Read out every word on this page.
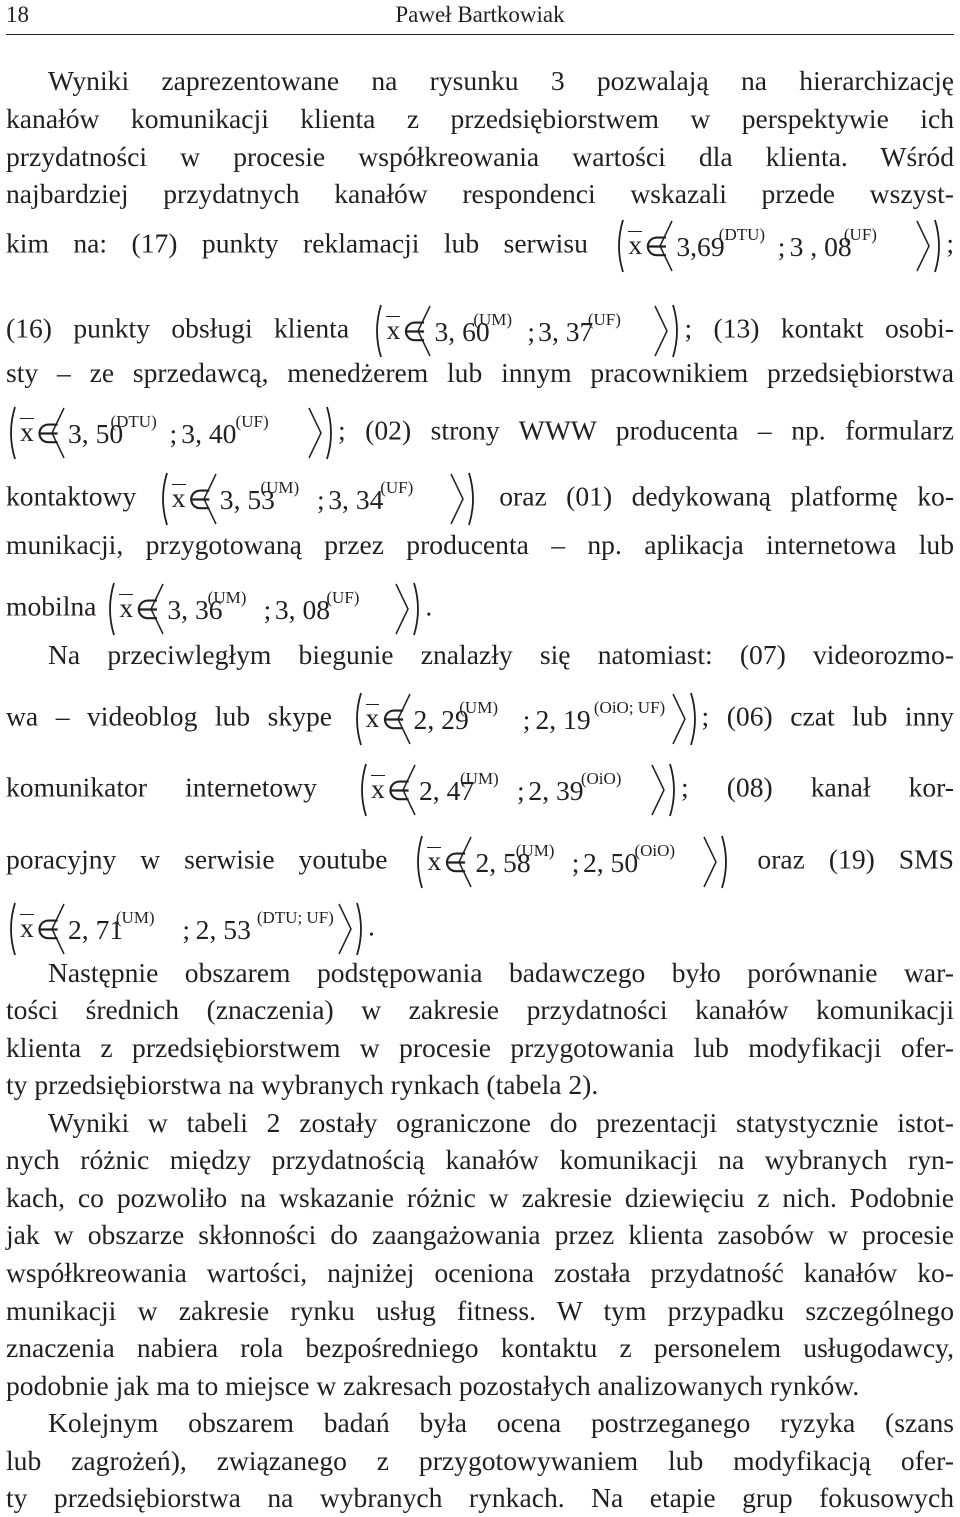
18	Paweł Bartkowiak
Wyniki zaprezentowane na rysunku 3 pozwalają na hierarchizację
kanałów komunikacji klienta z przedsiębiorstwem w perspektywie ich
przydatności w procesie współkreowania wartości dla klienta. Wśród
najbardziej przydatnych kanałów respondenci wskazali przede wszyst-
kim na: (17) punkty reklamacji lub serwisu x ∈ 3,69
(DTU) ; 3 , 08
(UF)	;
(16) punkty obsługi klienta x ∈ 3, 60
(UM) ; 3, 37
(UF) ; (13) kontakt osobi-
sty – ze sprzedawcą, menedżerem lub innym pracownikiem przedsiębiorstwa
x ∈ 3, 50
(DTU) ; 3, 40 (UF)	; (02) strony WWW producenta – np. formularz
kontaktowy x ∈ 3, 53
(UM) ; 3, 34
(UF)	oraz (01) dedykowaną platformę ko-
munikacji, przygotowaną przez producenta – np. aplikacja internetowa lub
mobilna x ∈ 3, 36
(UM) ; 3, 08
(UF) .
Na przeciwległym biegunie znalazły się natomiast: (07) videorozmo-
wa – videoblog lub skype x ∈ 2, 29
(UM) ; 2, 19 (OiO; UF) ; (06) czat lub inny
komunikator internetowy x ∈ 2, 47
(UM) ; 2, 39
(OiO) ; (08) kanał kor-
poracyjny w serwisie youtube x ∈ 2, 58
(UM) ; 2, 50
(OiO)	oraz (19) SMS
x ∈ 2, 71
(UM) ; 2, 53 (DTU; UF) .
Następnie obszarem podstępowania badawczego było porównanie war-
tości średnich (znaczenia) w zakresie przydatności kanałów komunikacji
klienta z przedsiębiorstwem w procesie przygotowania lub modyfikacji ofer-
ty przedsiębiorstwa na wybranych rynkach (tabela 2).
Wyniki w tabeli 2 zostały ograniczone do prezentacji statystycznie istot-
nych różnic między przydatnością kanałów komunikacji na wybranych ryn-
kach, co pozwoliło na wskazanie różnic w zakresie dziewięciu z nich. Podobnie
jak w obszarze skłonności do zaangażowania przez klienta zasobów w procesie
współkreowania wartości, najniżej oceniona została przydatność kanałów ko-
munikacji w zakresie rynku usług fitness. W tym przypadku szczególnego
znaczenia nabiera rola bezpośredniego kontaktu z personelem usługodawcy,
podobnie jak ma to miejsce w zakresach pozostałych analizowanych rynków.
Kolejnym obszarem badań była ocena postrzeganego ryzyka (szans
lub zagrożeń), związanego z przygotowywaniem lub modyfikacją ofer-
ty przedsiębiorstwa na wybranych rynkach. Na etapie grup fokusowych
